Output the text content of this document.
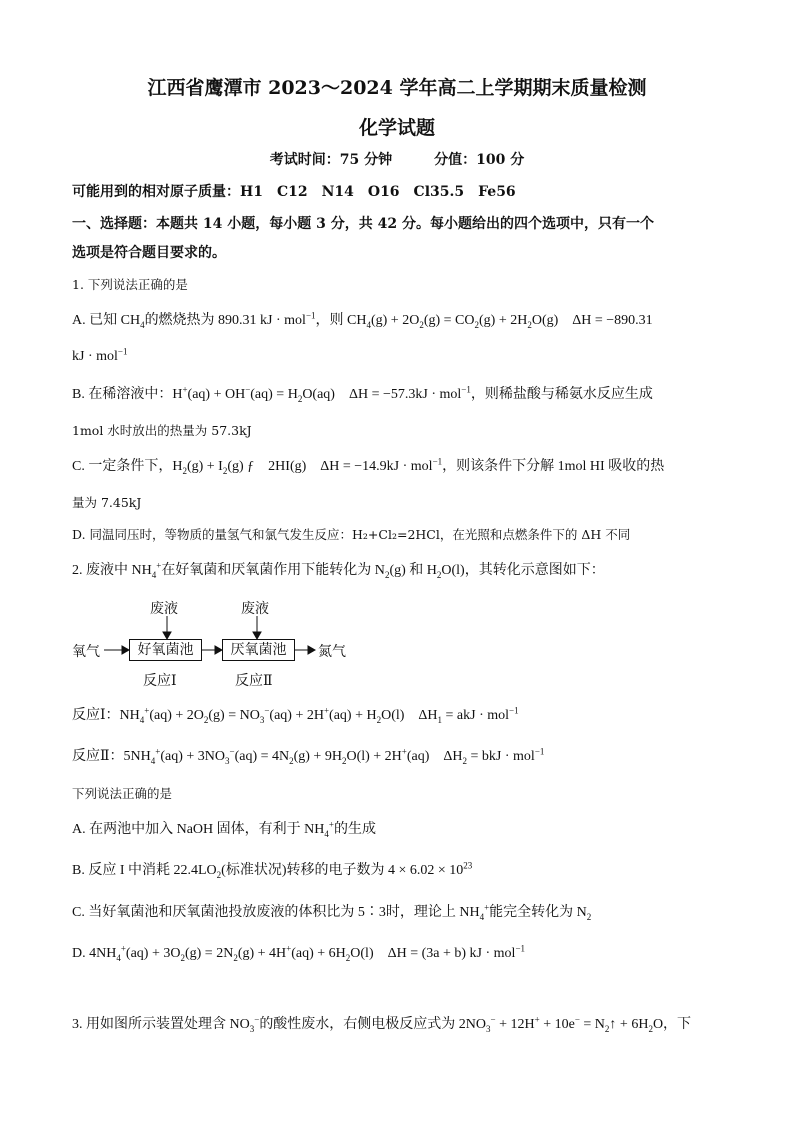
江西省鹰潭市 2023～2024 学年高二上学期期末质量检测
化学试题
考试时间：75 分钟　　　分值：100 分
可能用到的相对原子质量：H1　C12　N14　O16　Cl35.5　Fe56
一、选择题：本题共 14 小题，每小题 3 分，共 42 分。每小题给出的四个选项中，只有一个
选项是符合题目要求的。
1. 下列说法正确的是
A. 已知 $CH_4$的燃烧热为 890.31 kJ · mol$^{-1}$，则 $CH_4(g) + 2O_2(g) = CO_2(g) + 2H_2O(g)$　ΔH = −890.31
kJ · mol$^{-1}$
B. 在稀溶液中：$H^+(aq) + OH^-(aq) = H_2O(aq)$　ΔH = −57.3kJ · mol$^{-1}$，则稀盐酸与稀氨水反应生成
1mol 水时放出的热量为 57.3kJ
C. 一定条件下，$H_2(g) + I_2(g)$ ƒ　2HI(g)　ΔH = −14.9kJ · mol$^{-1}$，则该条件下分解 1mol HI 吸收的热
量为 7.45kJ
D. 同温同压时，等物质的量氢气和氯气发生反应：H₂+Cl₂=2HCl，在光照和点燃条件下的 ΔH 不同
2. 废液中 $NH_4^+$在好氧菌和厌氧菌作用下能转化为 $N_2(g)$ 和 $H_2O(l)$，其转化示意图如下：
废液	废液
氧气	好氧菌池	厌氧菌池	氮气
反应Ⅰ	反应Ⅱ
反应Ⅰ：$NH_4^+(aq) + 2O_2(g) = NO_3^-(aq) + 2H^+(aq) + H_2O(l)$　$\Delta H_1$ = akJ · mol$^{-1}$
反应Ⅱ：$5NH_4^+(aq) + 3NO_3^-(aq) = 4N_2(g) + 9H_2O(l) + 2H^+(aq)$　$\Delta H_2$ = bkJ · mol$^{-1}$
下列说法正确的是
A. 在两池中加入 NaOH 固体，有利于 $NH_4^+$的生成
B. 反应 I 中消耗 $22.4LO_2$(标准状况)转移的电子数为 $4 \times 6.02 \times 10^{23}$
C. 当好氧菌池和厌氧菌池投放废液的体积比为 5∶3时，理论上 $NH_4^+$能完全转化为 $N_2$
D. $4NH_4^+(aq) + 3O_2(g) = 2N_2(g) + 4H^+(aq) + 6H_2O(l)$　ΔH = (3a + b) kJ · mol$^{-1}$
3. 用如图所示装置处理含 $NO_3^-$的酸性废水，右侧电极反应式为 $2NO_3^- + 12H^+ + 10e^-$ = $N_2↑ + 6H_2O$，下
